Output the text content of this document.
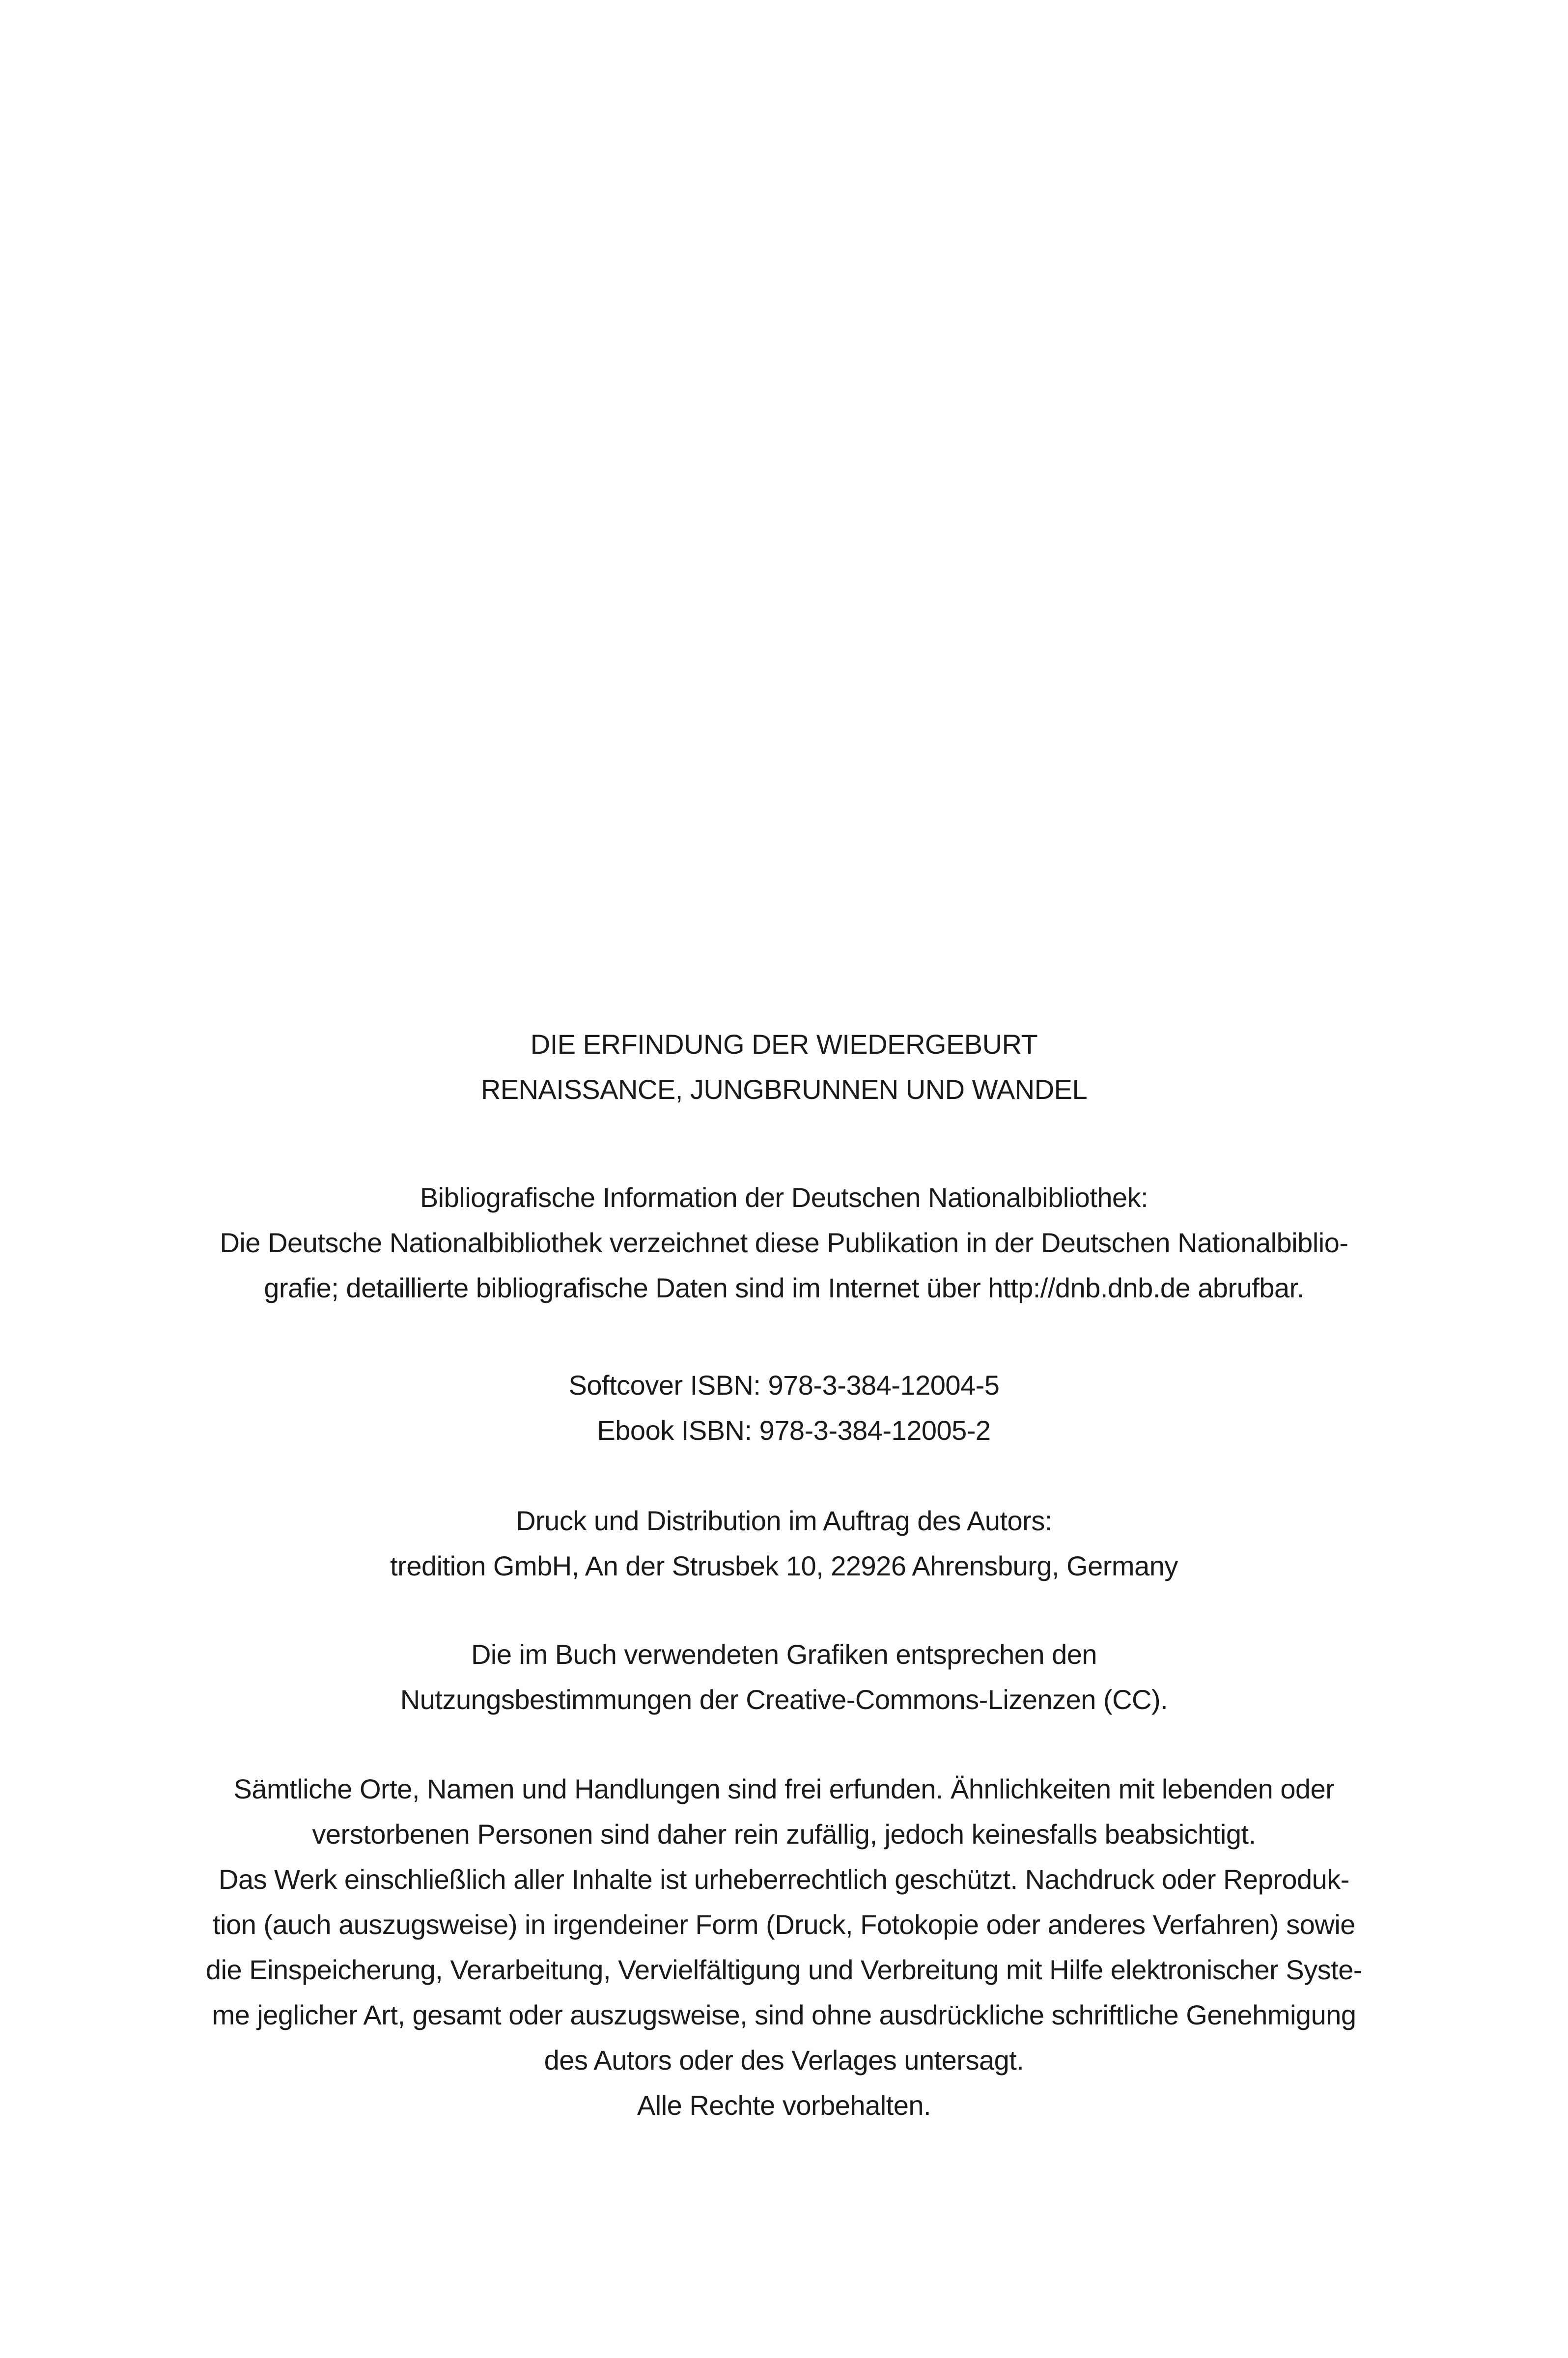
DIE ERFINDUNG DER WIEDERGEBURT
RENAISSANCE, JUNGBRUNNEN UND WANDEL
Bibliografische Information der Deutschen Nationalbibliothek:
Die Deutsche Nationalbibliothek verzeichnet diese Publikation in der Deutschen Nationalbiblio-
grafie; detaillierte bibliografische Daten sind im Internet über http://dnb.dnb.de abrufbar.
Softcover ISBN: 978-3-384-12004-5
Ebook ISBN: 978-3-384-12005-2
Druck und Distribution im Auftrag des Autors:
tredition GmbH, An der Strusbek 10, 22926 Ahrensburg, Germany
Die im Buch verwendeten Grafiken entsprechen den
Nutzungsbestimmungen der Creative-Commons-Lizenzen (CC).
Sämtliche Orte, Namen und Handlungen sind frei erfunden. Ähnlichkeiten mit lebenden oder
verstorbenen Personen sind daher rein zufällig, jedoch keinesfalls beabsichtigt.
Das Werk einschließlich aller Inhalte ist urheberrechtlich geschützt. Nachdruck oder Reproduk-
tion (auch auszugsweise) in irgendeiner Form (Druck, Fotokopie oder anderes Verfahren) sowie
die Einspeicherung, Verarbeitung, Vervielfältigung und Verbreitung mit Hilfe elektronischer Syste-
me jeglicher Art, gesamt oder auszugsweise, sind ohne ausdrückliche schriftliche Genehmigung
des Autors oder des Verlages untersagt.
Alle Rechte vorbehalten.
